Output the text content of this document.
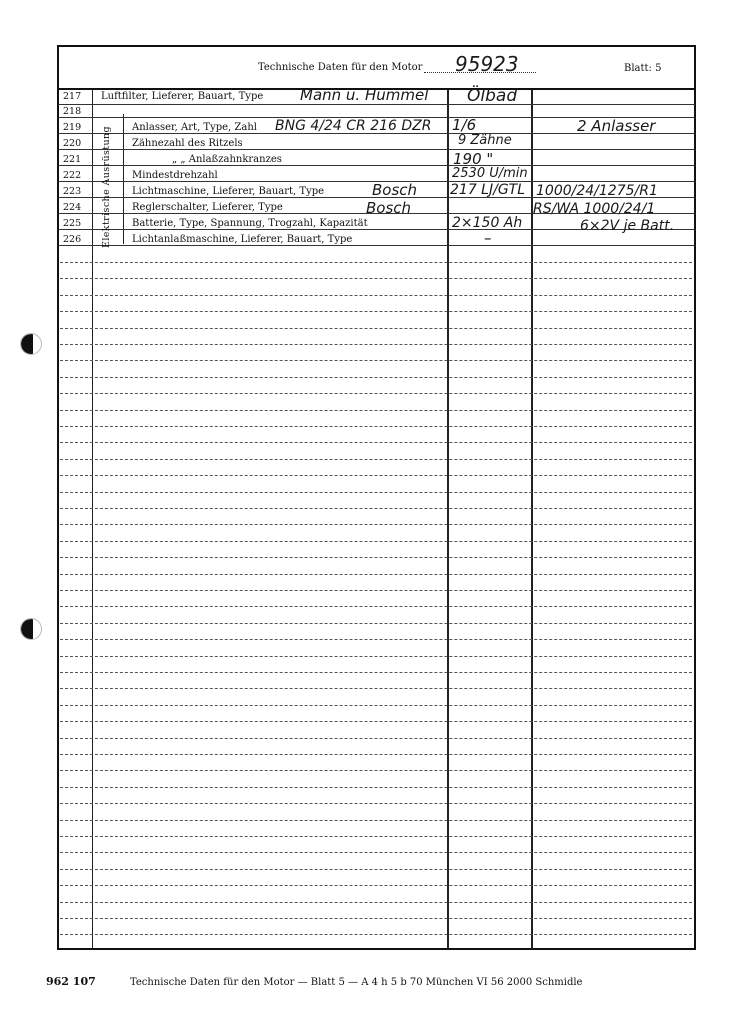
Technische Daten für den Motor 95923	Blatt: 5
217
218
219
220
221
222
223
224
225
226 Elektrische Ausrüstung
Luftfilter, Lieferer, Bauart, Type
Anlasser, Art, Type, Zahl
Zähnezahl des Ritzels
„ „ Anlaßzahnkranzes
Mindestdrehzahl
Lichtmaschine, Lieferer, Bauart, Type
Reglerschalter, Lieferer, Type
Batterie, Type, Spannung, Trogzahl, Kapazität
Lichtanlaßmaschine, Lieferer, Bauart, Type
Mann u. Hummel
BNG 4/24 CR 216 DZR
Bosch
Bosch
Ölbad
1/6
9 Zähne
190 "
2530 U/min
217 LJ/GTL
RS/WA 1000/24/1
2×150 Ah
–
2 Anlasser
1000/24/1275/R1
6×2V je Batt.
962 107	Technische Daten für den Motor — Blatt 5 — A 4 h 5 b 70 München VI 56 2000 Schmidle
